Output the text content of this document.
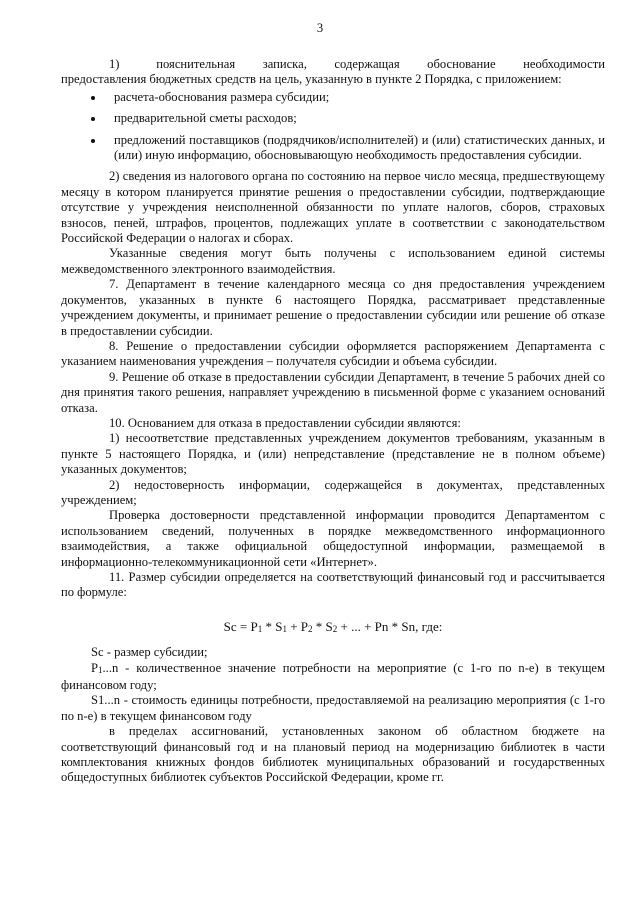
3

1)        пояснительная      записка,      содержащая      обоснование      необходимости предоставления бюджетных средств на цель, указанную в пункте 2 Порядка, с приложением:

расчета-обоснования размера субсидии;
предварительной сметы расходов;
предложений поставщиков (подрядчиков/исполнителей) и (или) статистических данных, и (или) иную информацию, обосновывающую необходимость предоставления субсидии.

2) сведения из налогового органа по состоянию на первое число месяца, предшествующему месяцу в котором планируется принятие решения о предоставлении субсидии, подтверждающие отсутствие у учреждения неисполненной обязанности по уплате налогов, сборов, страховых взносов, пеней, штрафов, процентов, подлежащих уплате в соответствии с законодательством Российской Федерации о налогах и сборах.

Указанные сведения могут быть получены с использованием единой системы межведомственного электронного взаимодействия.

7. Департамент в течение календарного месяца со дня предоставления учреждением документов, указанных в пункте 6 настоящего Порядка, рассматривает представленные учреждением документы, и принимает решение о предоставлении субсидии или решение об отказе в предоставлении субсидии.

8. Решение о предоставлении субсидии оформляется распоряжением Департамента с указанием наименования учреждения – получателя субсидии и объема субсидии.

9. Решение об отказе в предоставлении субсидии Департамент, в течение 5 рабочих дней со дня принятия такого решения, направляет учреждению в письменной форме с указанием оснований отказа.

10. Основанием для отказа в предоставлении субсидии являются:

1) несоответствие представленных учреждением документов требованиям, указанным в пункте 5 настоящего Порядка, и (или) непредставление (представление не в полном объеме) указанных документов;

2) недостоверность информации, содержащейся в документах, представленных учреждением;

Проверка достоверности представленной информации проводится Департаментом с использованием сведений, полученных в порядке межведомственного информационного взаимодействия, а также официальной общедоступной информации, размещаемой в информационно-телекоммуникационной сети «Интернет».

11. Размер субсидии определяется на соответствующий финансовый год и рассчитывается по формуле:

$Sc = P_1 * S_1 + P_2 * S_2$ + ... + Pn * Sn, где:

Sc - размер субсидии;

P1...n - количественное значение потребности на мероприятие (с 1-го по n-е) в текущем финансовом году;

S1...n - стоимость единицы потребности, предоставляемой на реализацию мероприятия (с 1-го по n-е) в текущем финансовом году

в пределах ассигнований, установленных законом об областном бюджете на соответствующий финансовый год и на плановый период на модернизацию библиотек в части комплектования книжных фондов библиотек муниципальных образований и государственных общедоступных библиотек субъектов Российской Федерации, кроме гг.
